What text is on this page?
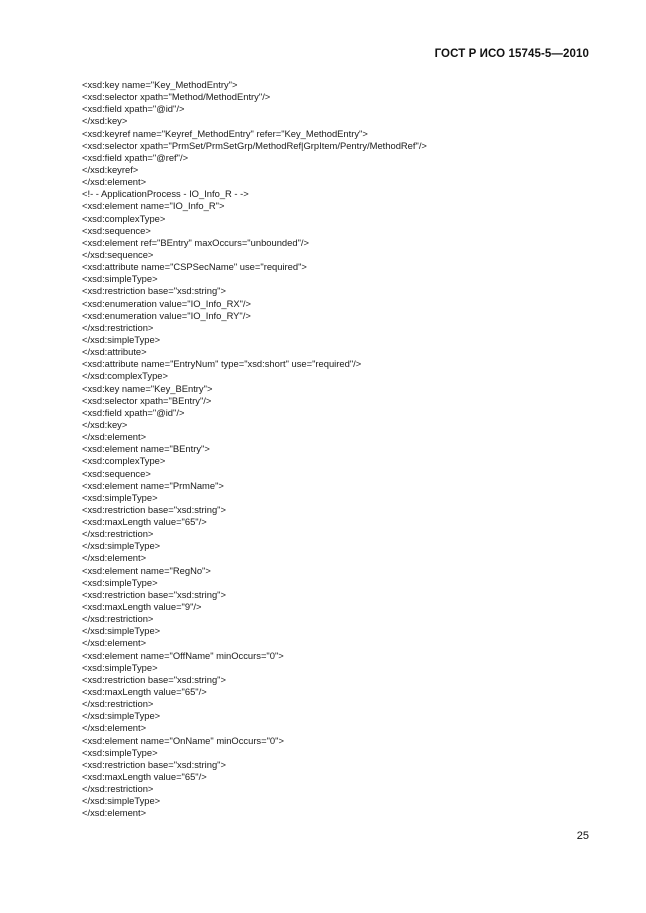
ГОСТ Р ИСО 15745-5—2010
<xsd:key name="Key_MethodEntry">
<xsd:selector xpath="Method/MethodEntry"/>
<xsd:field xpath="@id"/>
</xsd:key>
<xsd:keyref name="Keyref_MethodEntry" refer="Key_MethodEntry">
<xsd:selector xpath="PrmSet/PrmSetGrp/MethodRef|GrpItem/Pentry/MethodRef"/>
<xsd:field xpath="@ref"/>
</xsd:keyref>
</xsd:element>
<!- - ApplicationProcess - IO_Info_R - ->
<xsd:element name="IO_Info_R">
<xsd:complexType>
<xsd:sequence>
<xsd:element ref="BEntry" maxOccurs="unbounded"/>
</xsd:sequence>
<xsd:attribute name="CSPSecName" use="required">
<xsd:simpleType>
<xsd:restriction base="xsd:string">
<xsd:enumeration value="IO_Info_RX"/>
<xsd:enumeration value="IO_Info_RY"/>
</xsd:restriction>
</xsd:simpleType>
</xsd:attribute>
<xsd:attribute name="EntryNum" type="xsd:short" use="required"/>
</xsd:complexType>
<xsd:key name="Key_BEntry">
<xsd:selector xpath="BEntry"/>
<xsd:field xpath="@id"/>
</xsd:key>
</xsd:element>
<xsd:element name="BEntry">
<xsd:complexType>
<xsd:sequence>
<xsd:element name="PrmName">
<xsd:simpleType>
<xsd:restriction base="xsd:string">
<xsd:maxLength value="65"/>
</xsd:restriction>
</xsd:simpleType>
</xsd:element>
<xsd:element name="RegNo">
<xsd:simpleType>
<xsd:restriction base="xsd:string">
<xsd:maxLength value="9"/>
</xsd:restriction>
</xsd:simpleType>
</xsd:element>
<xsd:element name="OffName" minOccurs="0">
<xsd:simpleType>
<xsd:restriction base="xsd:string">
<xsd:maxLength value="65"/>
</xsd:restriction>
</xsd:simpleType>
</xsd:element>
<xsd:element name="OnName" minOccurs="0">
<xsd:simpleType>
<xsd:restriction base="xsd:string">
<xsd:maxLength value="65"/>
</xsd:restriction>
</xsd:simpleType>
</xsd:element>
25
